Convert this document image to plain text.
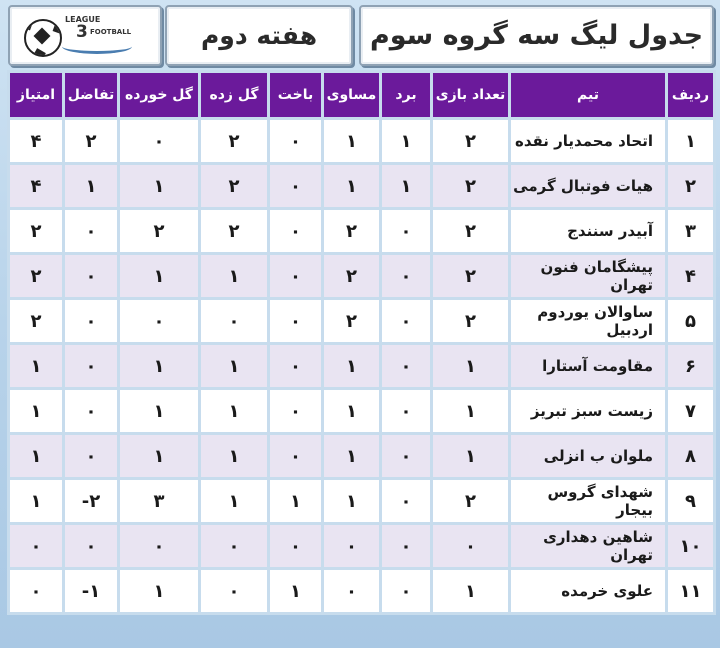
جدول لیگ سه گروه سوم
هفته دوم
LEAGUE
3 FOOTBALL
ردیف	تیم	تعداد بازی	برد	مساوی	باخت	گل زده	گل خورده	تفاضل	امتیاز
۱	اتحاد محمدیار نقده	۲	۱	۱	۰	۲	۰	۲	۴
۲	هیات فوتبال گرمی	۲	۱	۱	۰	۲	۱	۱	۴
۳	آبیدر سنندج	۲	۰	۲	۰	۲	۲	۰	۲
۴	پیشگامان فنون تهران	۲	۰	۲	۰	۱	۱	۰	۲
۵	ساوالان یوردوم اردبیل	۲	۰	۲	۰	۰	۰	۰	۲
۶	مقاومت آستارا	۱	۰	۱	۰	۱	۱	۰	۱
۷	زیست سبز تبریز	۱	۰	۱	۰	۱	۱	۰	۱
۸	ملوان ب انزلی	۱	۰	۱	۰	۱	۱	۰	۱
۹	شهدای گروس بیجار	۲	۰	۱	۱	۱	۳	۲-	۱
۱۰	شاهین دهداری تهران	۰	۰	۰	۰	۰	۰	۰	۰
۱۱	علوی خرمده	۱	۰	۰	۱	۰	۱	۱-	۰
